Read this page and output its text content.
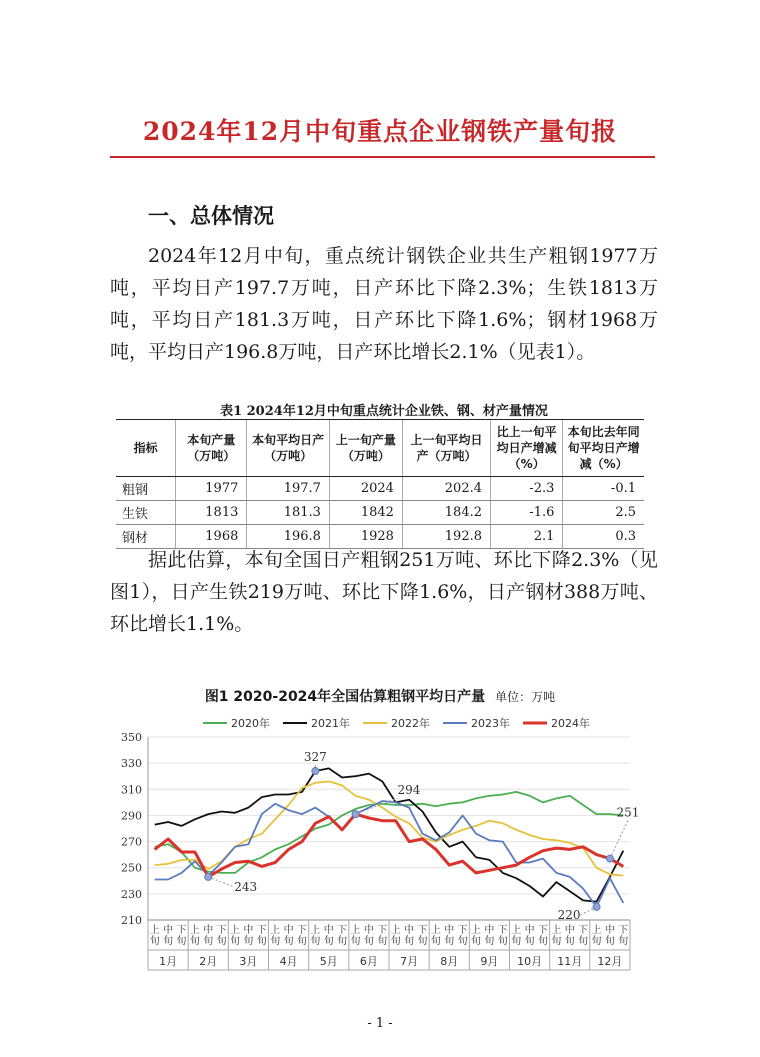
2024年12月中旬重点企业钢铁产量旬报
一、总体情况
2024年12月中旬，重点统计钢铁企业共生产粗钢1977万吨，平均日产197.7万吨，日产环比下降2.3%；生铁1813万吨，平均日产181.3万吨，日产环比下降1.6%；钢材1968万吨，平均日产196.8万吨，日产环比增长2.1%（见表1）。
表1 2024年12月中旬重点统计企业铁、钢、材产量情况
指标	本旬产量（万吨）	本旬平均日产（万吨）	上一旬产量（万吨）	上一旬平均日产（万吨）	比上一旬平均日产增减（%）	本旬比去年同旬平均日产增减（%）
粗钢	1977	197.7	2024	202.4	-2.3	-0.1
生铁	1813	181.3	1842	184.2	-1.6	2.5
钢材	1968	196.8	1928	192.8	2.1	0.3
据此估算，本旬全国日产粗钢251万吨、环比下降2.3%（见图1），日产生铁219万吨、环比下降1.6%，日产钢材388万吨、环比增长1.1%。
图1 2020-2024年全国估算粗钢平均日产量 单位：万吨
210
230
250
270
290
310
330
350
上
旬
中
旬
下
旬
上
旬
中
旬
下
旬
上
旬
中
旬
下
旬
上
旬
中
旬
下
旬
上
旬
中
旬
下
旬
上
旬
中
旬
下
旬
上
旬
中
旬
下
旬
上
旬
中
旬
下
旬
上
旬
中
旬
下
旬
上
旬
中
旬
下
旬
上
旬
中
旬
下
旬
上
旬
中
旬
下
旬
1月 2月 3月 4月 5月 6月 7月 8月 9月 10月 11月 12月
2020年	2021年	2022年	2023年	2024年
327
294
251
243
220
- 1 -
